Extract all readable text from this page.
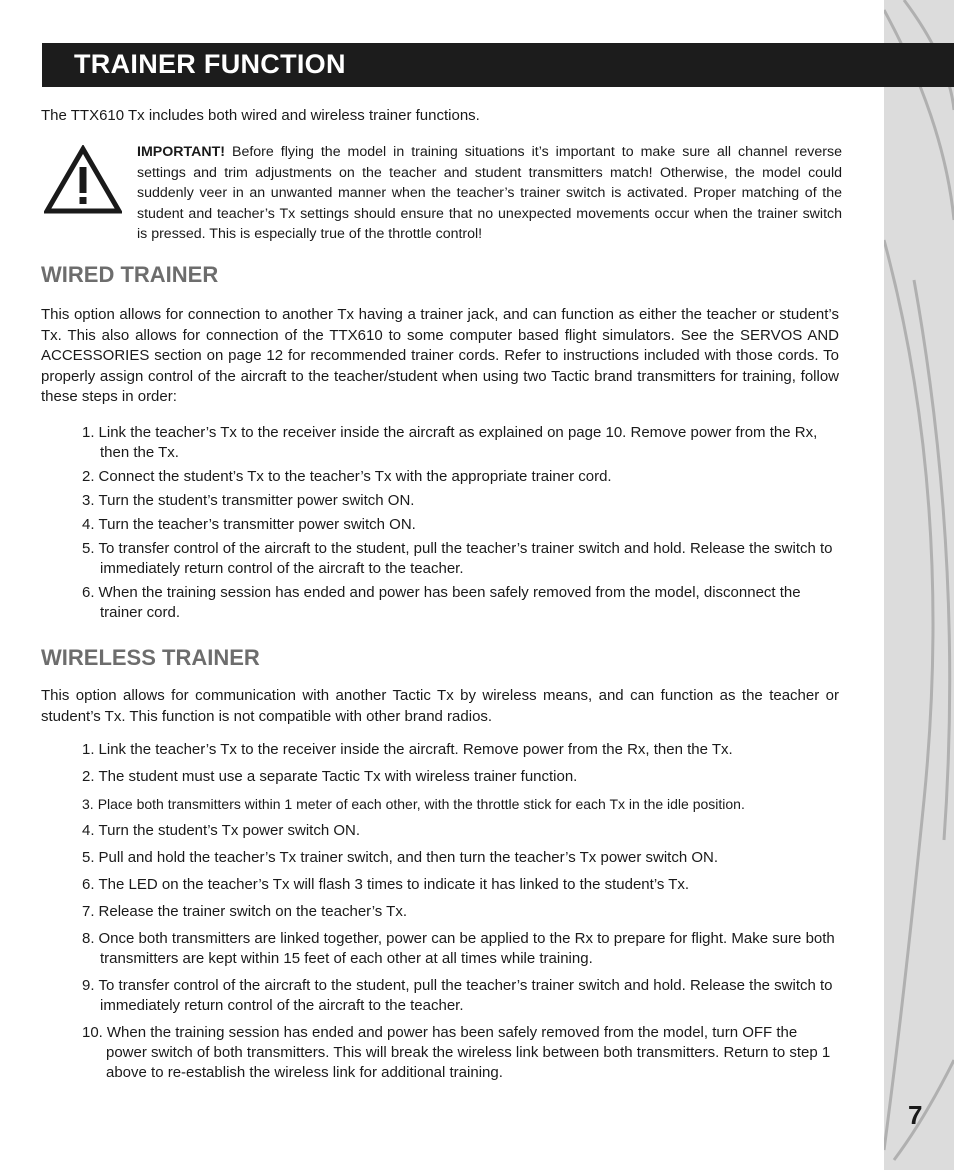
TRAINER FUNCTION
The TTX610 Tx includes both wired and wireless trainer functions.
IMPORTANT! Before flying the model in training situations it’s important to make sure all channel reverse settings and trim adjustments on the teacher and student transmitters match! Otherwise, the model could suddenly veer in an unwanted manner when the teacher’s trainer switch is activated. Proper matching of the student and teacher’s Tx settings should ensure that no unexpected movements occur when the trainer switch is pressed. This is especially true of the throttle control!
WIRED TRAINER
This option allows for connection to another Tx having a trainer jack, and can function as either the teacher or student’s Tx. This also allows for connection of the TTX610 to some computer based flight simulators. See the SERVOS AND ACCESSORIES section on page 12 for recommended trainer cords. Refer to instructions included with those cords. To properly assign control of the aircraft to the teacher/student when using two Tactic brand transmitters for training, follow these steps in order:
1. Link the teacher’s Tx to the receiver inside the aircraft as explained on page 10. Remove power from the Rx, then the Tx.
2. Connect the student’s Tx to the teacher’s Tx with the appropriate trainer cord.
3. Turn the student’s transmitter power switch ON.
4. Turn the teacher’s transmitter power switch ON.
5. To transfer control of the aircraft to the student, pull the teacher’s trainer switch and hold. Release the switch to immediately return control of the aircraft to the teacher.
6. When the training session has ended and power has been safely removed from the model, disconnect the trainer cord.
WIRELESS TRAINER
This option allows for communication with another Tactic Tx by wireless means, and can function as the teacher or student’s Tx. This function is not compatible with other brand radios.
1. Link the teacher’s Tx to the receiver inside the aircraft. Remove power from the Rx, then the Tx.
2. The student must use a separate Tactic Tx with wireless trainer function.
3. Place both transmitters within 1 meter of each other, with the throttle stick for each Tx in the idle position.
4. Turn the student’s Tx power switch ON.
5. Pull and hold the teacher’s Tx trainer switch, and then turn the teacher’s Tx power switch ON.
6. The LED on the teacher’s Tx will flash 3 times to indicate it has linked to the student’s Tx.
7. Release the trainer switch on the teacher’s Tx.
8. Once both transmitters are linked together, power can be applied to the Rx to prepare for flight. Make sure both transmitters are kept within 15 feet of each other at all times while training.
9. To transfer control of the aircraft to the student, pull the teacher’s trainer switch and hold. Release the switch to immediately return control of the aircraft to the teacher.
10. When the training session has ended and power has been safely removed from the model, turn OFF the power switch of both transmitters. This will break the wireless link between both transmitters. Return to step 1 above to re-establish the wireless link for additional training.
7
